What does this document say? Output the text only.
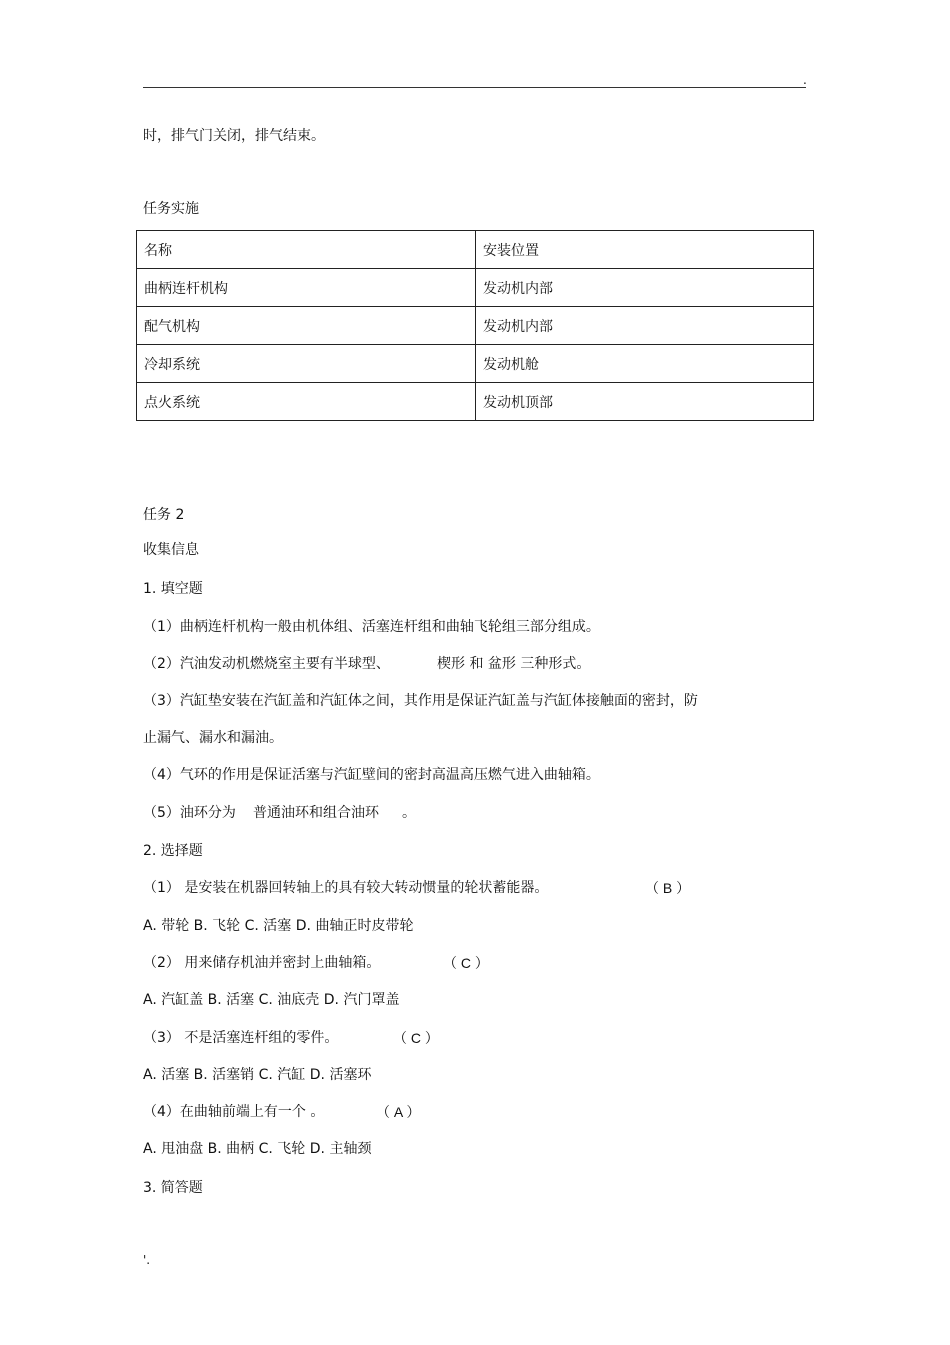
.
时，排气门关闭，排气结束。
任务实施
名称	安装位置
曲柄连杆机构	发动机内部
配气机构	发动机内部
冷却系统	发动机舱
点火系统	发动机顶部
任务 2
收集信息
1. 填空题
（1）曲柄连杆机构一般由机体组、活塞连杆组和曲轴飞轮组三部分组成。
（2）汽油发动机燃烧室主要有半球型、	楔形 和 盆形 三种形式。
（3）汽缸垫安装在汽缸盖和汽缸体之间，其作用是保证汽缸盖与汽缸体接触面的密封，防
止漏气、漏水和漏油。
（4）气环的作用是保证活塞与汽缸壁间的密封高温高压燃气进入曲轴箱。
（5）油环分为 普通油环和组合油环 。
2. 选择题
（1） 是安装在机器回转轴上的具有较大转动惯量的轮状蓄能器。	（ B ）
A. 带轮 B. 飞轮 C. 活塞 D. 曲轴正时皮带轮
（2） 用来储存机油并密封上曲轴箱。	（ C ）
A. 汽缸盖 B. 活塞 C. 油底壳 D. 汽门罩盖
（3） 不是活塞连杆组的零件。	（ C ）
A. 活塞 B. 活塞销 C. 汽缸 D. 活塞环
（4）在曲轴前端上有一个 。	（ A ）
A. 甩油盘 B. 曲柄 C. 飞轮 D. 主轴颈
3. 简答题
'.
